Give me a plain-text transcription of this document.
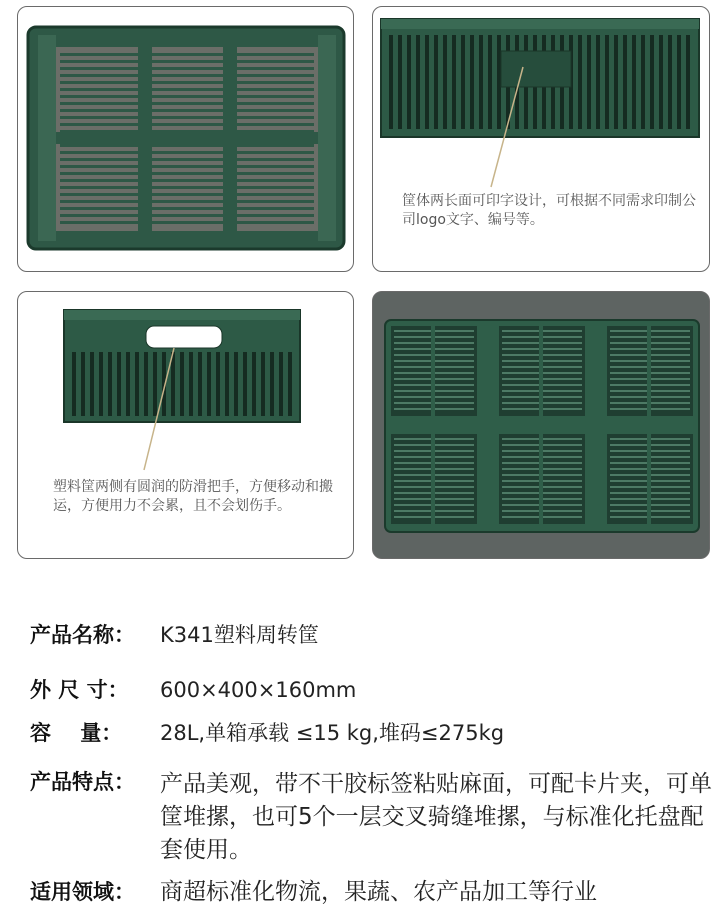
筐体两长面可印字设计，可根据不同需求印制公司logo文字、编号等。
塑料筐两侧有圆润的防滑把手，方便移动和搬运，方便用力不会累，且不会划伤手。
产品名称： K341塑料周转筐
外 尺 寸： 600×400×160mm
容    量： 28L,单箱承载 ≤15 kg,堆码≤275kg
产品特点： 产品美观，带不干胶标签粘贴麻面，可配卡片夹，可单筐堆摞，也可5个一层交叉骑缝堆摞，与标准化托盘配套使用。
适用领域： 商超标准化物流，果蔬、农产品加工等行业
